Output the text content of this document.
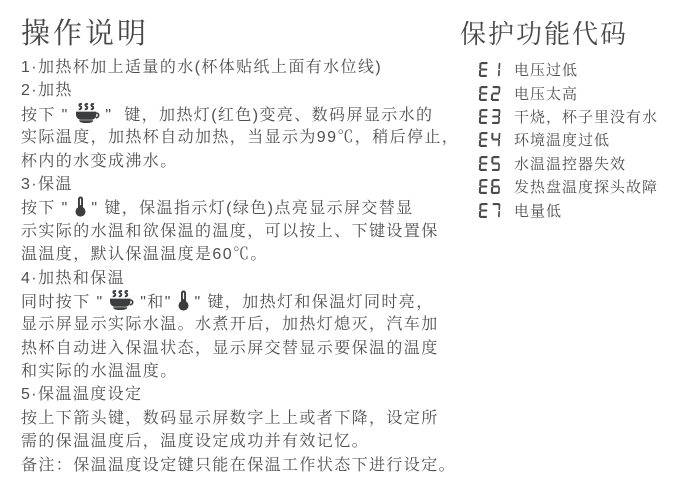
操作说明
1·加热杯加上适量的水(杯体贴纸上面有水位线)
2·加热
按下 "  "  键，加热灯(红色)变亮、数码屏显示水的
实际温度，加热杯自动加热，当显示为99℃，稍后停止，
杯内的水变成沸水。
3·保温
按下 "  " 键，保温指示灯(绿色)点亮显示屏交替显
示实际的水温和欲保温的温度，可以按上、下键设置保
温温度，默认保温温度是60℃。
4·加热和保温
同时按下 "  "和"  " 键，加热灯和保温灯同时亮，
显示屏显示实际水温。水煮开后，加热灯熄灭，汽车加
热杯自动进入保温状态，显示屏交替显示要保温的温度
和实际的水温温度。
5·保温温度设定
按上下箭头键，数码显示屏数字上上或者下降，设定所
需的保温温度后，温度设定成功并有效记忆。
备注：保温温度设定键只能在保温工作状态下进行设定。
保护功能代码
电压过低
电压太高
干烧，杯子里没有水
环境温度过低
水温温控器失效
发热盘温度探头故障
电量低
